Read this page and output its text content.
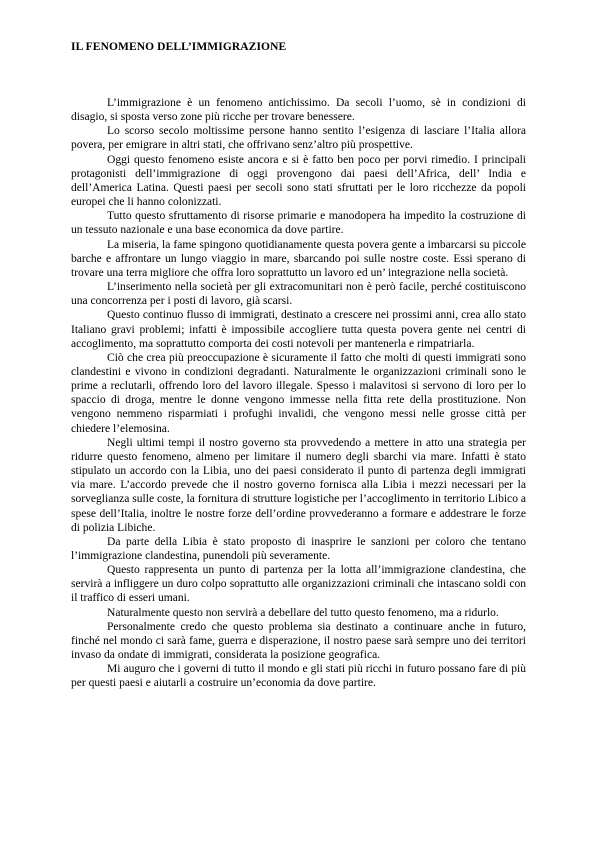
IL FENOMENO DELL’IMMIGRAZIONE

L’immigrazione è un fenomeno antichissimo. Da secoli l’uomo, sè in condizioni di disagio, si sposta verso zone più ricche per trovare benessere.

Lo scorso secolo moltissime persone hanno sentito l’esigenza di lasciare l’Italia allora povera, per emigrare in altri stati, che offrivano senz’altro più prospettive.

Oggi questo fenomeno esiste ancora e si è fatto ben poco per porvi rimedio. I principali protagonisti dell’immigrazione di oggi provengono dai paesi dell’Africa, dell’ India e dell’America Latina. Questi paesi per secoli sono stati sfruttati per le loro ricchezze da popoli europei che li hanno colonizzati.

Tutto questo sfruttamento di risorse primarie e manodopera ha impedito la costruzione di un tessuto nazionale e una base economica da dove partire.

La miseria, la fame spingono quotidianamente questa povera gente a imbarcarsi su piccole barche e affrontare un lungo viaggio in mare, sbarcando poi sulle nostre coste. Essi sperano di trovare una terra migliore che offra loro soprattutto un lavoro ed un’ integrazione nella società.

L’inserimento nella società per gli extracomunitari non è però facile, perché costituiscono una concorrenza per i posti di lavoro, già scarsi.

Questo continuo flusso di immigrati, destinato a crescere nei prossimi anni, crea allo stato Italiano gravi problemi; infatti è impossibile accogliere tutta questa povera gente nei centri di accoglimento, ma soprattutto comporta dei costi notevoli per mantenerla e rimpatriarla.

Ciò che crea più preoccupazione è sicuramente il fatto che molti di questi immigrati sono clandestini e vivono in condizioni degradanti. Naturalmente le organizzazioni criminali sono le prime a reclutarli, offrendo loro del lavoro illegale. Spesso i malavitosi si servono di loro per lo spaccio di droga, mentre le donne vengono immesse nella fitta rete della prostituzione. Non vengono nemmeno risparmiati i profughi invalidi, che vengono messi nelle grosse città per chiedere l’elemosina.

Negli ultimi tempi il nostro governo sta provvedendo a mettere in atto una strategia per ridurre questo fenomeno, almeno per limitare il numero degli sbarchi via mare. Infatti è stato stipulato un accordo con la Libia, uno dei paesi considerato il punto di partenza degli immigrati via mare. L’accordo prevede che il nostro governo fornisca alla Libia i mezzi necessari per la sorveglianza sulle coste, la fornitura di strutture logistiche per l’accoglimento in territorio Libico a spese dell’Italia, inoltre le nostre forze dell’ordine provvederanno a formare e addestrare le forze di polizia Libiche.

Da parte della Libia è stato proposto di inasprire le sanzioni per coloro che tentano l’immigrazione clandestina, punendoli più severamente.

Questo rappresenta un punto di partenza per la lotta all’immigrazione clandestina, che servirà a infliggere un duro colpo soprattutto alle organizzazioni criminali che intascano soldi con il traffico di esseri umani.

Naturalmente questo non servirà a debellare del tutto questo fenomeno, ma a ridurlo.

Personalmente credo che questo problema sia destinato a continuare anche in futuro, finché nel mondo ci sarà fame, guerra e disperazione, il nostro paese sarà sempre uno dei territori invaso da ondate di immigrati, considerata la posizione geografica.

Mi auguro che i governi di tutto il mondo e gli stati più ricchi in futuro possano fare di più per questi paesi e aiutarli a costruire un’economia da dove partire.
